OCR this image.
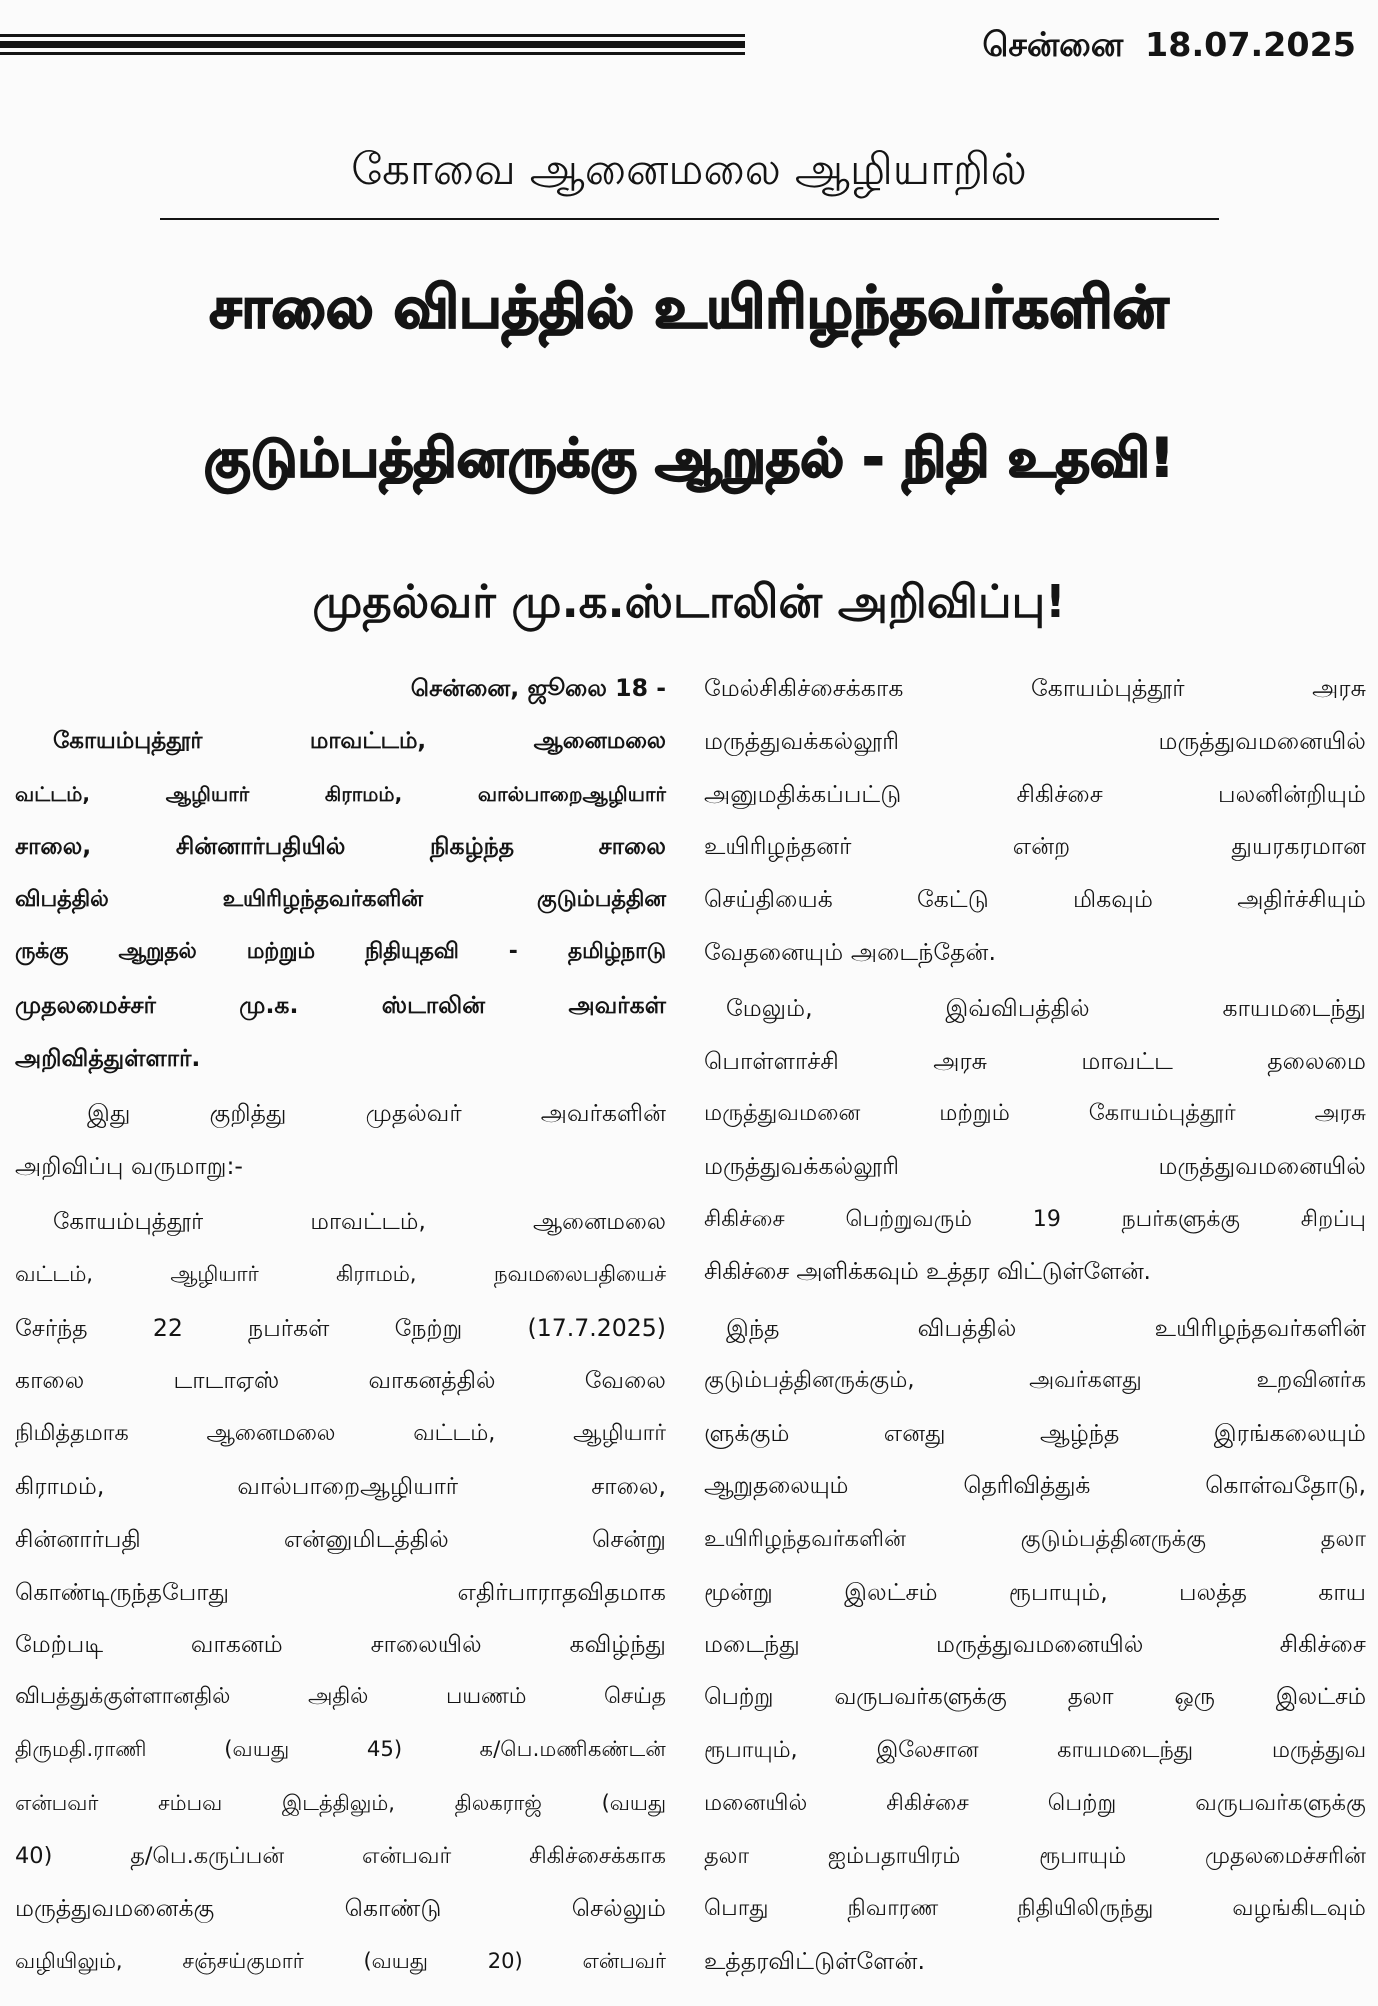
சென்னை 18.07.2025
கோவை ஆனைமலை ஆழியாறில்
சாலை விபத்தில் உயிரிழந்தவர்களின்
குடும்பத்தினருக்கு ஆறுதல் - நிதி உதவி!
முதல்வர் மு.க.ஸ்டாலின் அறிவிப்பு!
சென்னை, ஜூலை 18 -
கோயம்புத்தூர் மாவட்டம், ஆனைமலை
வட்டம், ஆழியார் கிராமம், வால்பாறைஆழியார்
சாலை, சின்னார்பதியில் நிகழ்ந்த சாலை
விபத்தில் உயிரிழந்தவர்களின் குடும்பத்தின
ருக்கு ஆறுதல் மற்றும் நிதியுதவி - தமிழ்நாடு
முதலமைச்சர் மு.க. ஸ்டாலின் அவர்கள்
அறிவித்துள்ளார்.
இது குறித்து முதல்வர் அவர்களின்
அறிவிப்பு வருமாறு:-
கோயம்புத்தூர் மாவட்டம், ஆனைமலை
வட்டம், ஆழியார் கிராமம், நவமலைபதியைச்
சேர்ந்த 22 நபர்கள் நேற்று (17.7.2025)
காலை டாடாஏஸ் வாகனத்தில் வேலை
நிமித்தமாக ஆனைமலை வட்டம், ஆழியார்
கிராமம், வால்பாறைஆழியார் சாலை,
சின்னார்பதி என்னுமிடத்தில் சென்று
கொண்டிருந்தபோது எதிர்பாராதவிதமாக
மேற்படி வாகனம் சாலையில் கவிழ்ந்து
விபத்துக்குள்ளானதில் அதில் பயணம் செய்த
திருமதி.ராணி (வயது 45) க/பெ.மணிகண்டன்
என்பவர் சம்பவ இடத்திலும், திலகராஜ் (வயது
40) த/பெ.கருப்பன் என்பவர் சிகிச்சைக்காக
மருத்துவமனைக்கு கொண்டு செல்லும்
வழியிலும், சஞ்சய்குமார் (வயது 20) என்பவர்
மேல்சிகிச்சைக்காக கோயம்புத்தூர் அரசு
மருத்துவக்கல்லூரி மருத்துவமனையில்
அனுமதிக்கப்பட்டு சிகிச்சை பலனின்றியும்
உயிரிழந்தனர் என்ற துயரகரமான
செய்தியைக் கேட்டு மிகவும் அதிர்ச்சியும்
வேதனையும் அடைந்தேன்.
மேலும், இவ்விபத்தில் காயமடைந்து
பொள்ளாச்சி அரசு மாவட்ட தலைமை
மருத்துவமனை மற்றும் கோயம்புத்தூர் அரசு
மருத்துவக்கல்லூரி மருத்துவமனையில்
சிகிச்சை பெற்றுவரும் 19 நபர்களுக்கு சிறப்பு
சிகிச்சை அளிக்கவும் உத்தர விட்டுள்ளேன்.
இந்த விபத்தில் உயிரிழந்தவர்களின்
குடும்பத்தினருக்கும், அவர்களது உறவினர்க
ளுக்கும் எனது ஆழ்ந்த இரங்கலையும்
ஆறுதலையும் தெரிவித்துக் கொள்வதோடு,
உயிரிழந்தவர்களின் குடும்பத்தினருக்கு தலா
மூன்று இலட்சம் ரூபாயும், பலத்த காய
மடைந்து மருத்துவமனையில் சிகிச்சை
பெற்று வருபவர்களுக்கு தலா ஒரு இலட்சம்
ரூபாயும், இலேசான காயமடைந்து மருத்துவ
மனையில் சிகிச்சை பெற்று வருபவர்களுக்கு
தலா ஐம்பதாயிரம் ரூபாயும் முதலமைச்சரின்
பொது நிவாரண நிதியிலிருந்து வழங்கிடவும்
உத்தரவிட்டுள்ளேன்.
